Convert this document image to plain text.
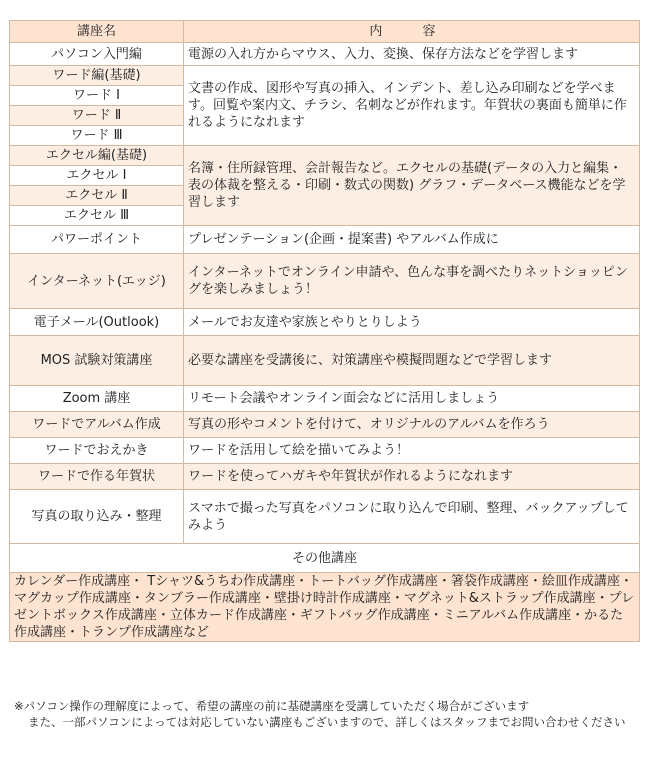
講座名	内 容
パソコン入門編	電源の入れ方からマウス、入力、変換、保存方法などを学習します
ワード編(基礎)	文書の作成、図形や写真の挿入、インデント、差し込み印刷などを学べます。回覧や案内文、チラシ、名刺などが作れます。年賀状の裏面も簡単に作れるようになれます
ワード Ⅰ	
ワード Ⅱ	
ワード Ⅲ	
エクセル編(基礎)	名簿・住所録管理、会計報告など。エクセルの基礎(データの入力と編集・表の体裁を整える・印刷・数式の関数) グラフ・データベース機能などを学習します
エクセル Ⅰ	
エクセル Ⅱ	
エクセル Ⅲ	
パワーポイント	プレゼンテーション(企画・提案書) やアルバム作成に
インターネット(エッジ)	インターネットでオンライン申請や、色んな事を調べたりネットショッピングを楽しみましょう！
電子メール(Outlook)	メールでお友達や家族とやりとりしよう
MOS 試験対策講座	必要な講座を受講後に、対策講座や模擬問題などで学習します
Zoom 講座	リモート会議やオンライン面会などに活用しましょう
ワードでアルバム作成	写真の形やコメントを付けて、オリジナルのアルバムを作ろう
ワードでおえかき	ワードを活用して絵を描いてみよう！
ワードで作る年賀状	ワードを使ってハガキや年賀状が作れるようになれます
写真の取り込み・整理	スマホで撮った写真をパソコンに取り込んで印刷、整理、バックアップしてみよう
その他講座	
カレンダー作成講座・ Tシャツ&うちわ作成講座・トートバッグ作成講座・箸袋作成講座・絵皿作成講座・マグカップ作成講座・タンブラー作成講座・壁掛け時計作成講座・マグネット&ストラップ作成講座・プレゼントボックス作成講座・立体カード作成講座・ギフトバッグ作成講座・ミニアルバム作成講座・かるた作成講座・トランプ作成講座など	

※パソコン操作の理解度によって、希望の講座の前に基礎講座を受講していただく場合がございます

また、一部パソコンによっては対応していない講座もございますので、詳しくはスタッフまでお問い合わせください
